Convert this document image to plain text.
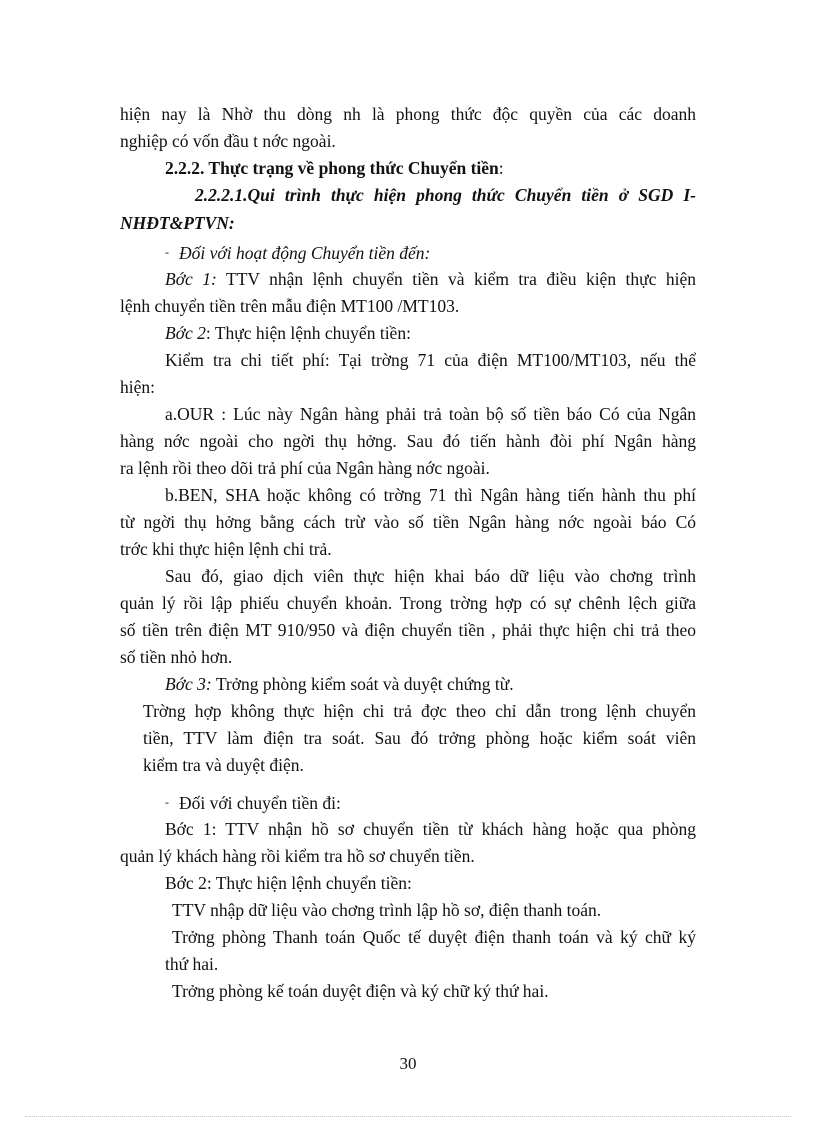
hiện nay là Nhờ thu dòng nh là phong thức độc quyền của các doanh
nghiệp có vốn đầu t nớc ngoài.
2.2.2. Thực trạng về phong thức Chuyển tiền:
2.2.2.1.Qui trình thực hiện phong thức Chuyển tiền ở SGD I-
NHĐT&PTVN:
- Đối với hoạt động Chuyển tiền đến:
Bớc 1: TTV nhận lệnh chuyển tiền và kiểm tra điều kiện thực hiện
lệnh chuyển tiền trên mẫu điện MT100 /MT103.
Bớc 2: Thực hiện lệnh chuyển tiền:
Kiểm tra chi tiết phí: Tại trờng 71 của điện MT100/MT103, nếu thể
hiện:
a.OUR : Lúc này Ngân hàng phải trả toàn bộ số tiền báo Có của Ngân
hàng nớc ngoài cho ngời thụ hởng. Sau đó tiến hành đòi phí Ngân hàng
ra lệnh rồi theo dõi trả phí của Ngân hàng nớc ngoài.
b.BEN, SHA hoặc không có trờng 71 thì Ngân hàng tiến hành thu phí
từ ngời thụ hởng bằng cách trừ vào số tiền Ngân hàng nớc ngoài báo Có
trớc khi thực hiện lệnh chi trả.
Sau đó, giao dịch viên thực hiện khai báo dữ liệu vào chơng trình
quản lý rồi lập phiếu chuyển khoản. Trong trờng hợp có sự chênh lệch giữa
số tiền trên điện MT 910/950 và điện chuyển tiền , phải thực hiện chi trả theo
số tiền nhỏ hơn.
Bớc 3: Trởng phòng kiểm soát và duyệt chứng từ.
Trờng hợp không thực hiện chi trả đợc theo chỉ dẫn trong lệnh chuyển
tiền, TTV làm điện tra soát. Sau đó trởng phòng hoặc kiểm soát viên
kiểm tra và duyệt điện.
- Đối với chuyển tiền đi:
Bớc 1: TTV nhận hồ sơ chuyển tiền từ khách hàng hoặc qua phòng
quản lý khách hàng rồi kiểm tra hồ sơ chuyển tiền.
Bớc 2: Thực hiện lệnh chuyển tiền:
TTV nhập dữ liệu vào chơng trình lập hồ sơ, điện thanh toán.
Trởng phòng Thanh toán Quốc tế duyệt điện thanh toán và ký chữ ký
thứ hai.
Trởng phòng kế toán duyệt điện và ký chữ ký thứ hai.
30
